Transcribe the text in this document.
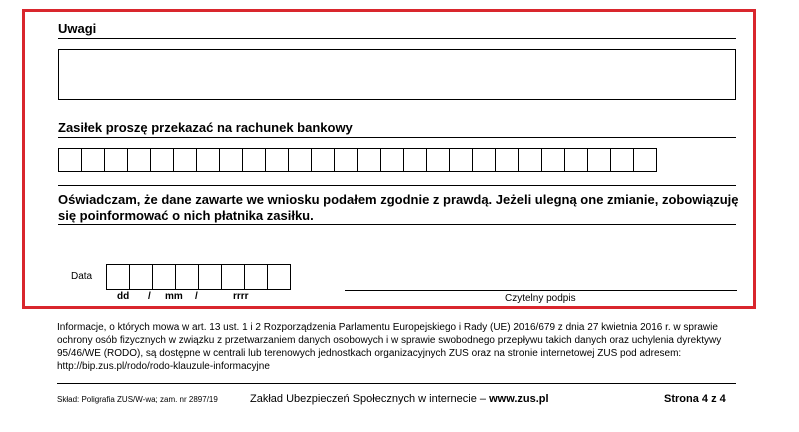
Uwagi
Zasiłek proszę przekazać na rachunek bankowy
Oświadczam, że dane zawarte we wniosku podałem zgodnie z prawdą. Jeżeli ulegną one zmianie, zobowiązuję się poinformować o nich płatnika zasiłku.
Data
dd / mm /	rrrr	Czytelny podpis
Informacje, o których mowa w art. 13 ust. 1 i 2 Rozporządzenia Parlamentu Europejskiego i Rady (UE) 2016/679 z dnia 27 kwietnia 2016 r. w sprawie ochrony osób fizycznych w związku z przetwarzaniem danych osobowych i w sprawie swobodnego przepływu takich danych oraz uchylenia dyrektywy 95/46/WE (RODO), są dostępne w centrali lub terenowych jednostkach organizacyjnych ZUS oraz na stronie internetowej ZUS pod adresem: http://bip.zus.pl/rodo/rodo-klauzule-informacyjne
Skład: Poligrafia ZUS/W-wa; zam. nr 2897/19	Zakład Ubezpieczeń Społecznych w internecie – www.zus.pl	Strona 4 z 4
